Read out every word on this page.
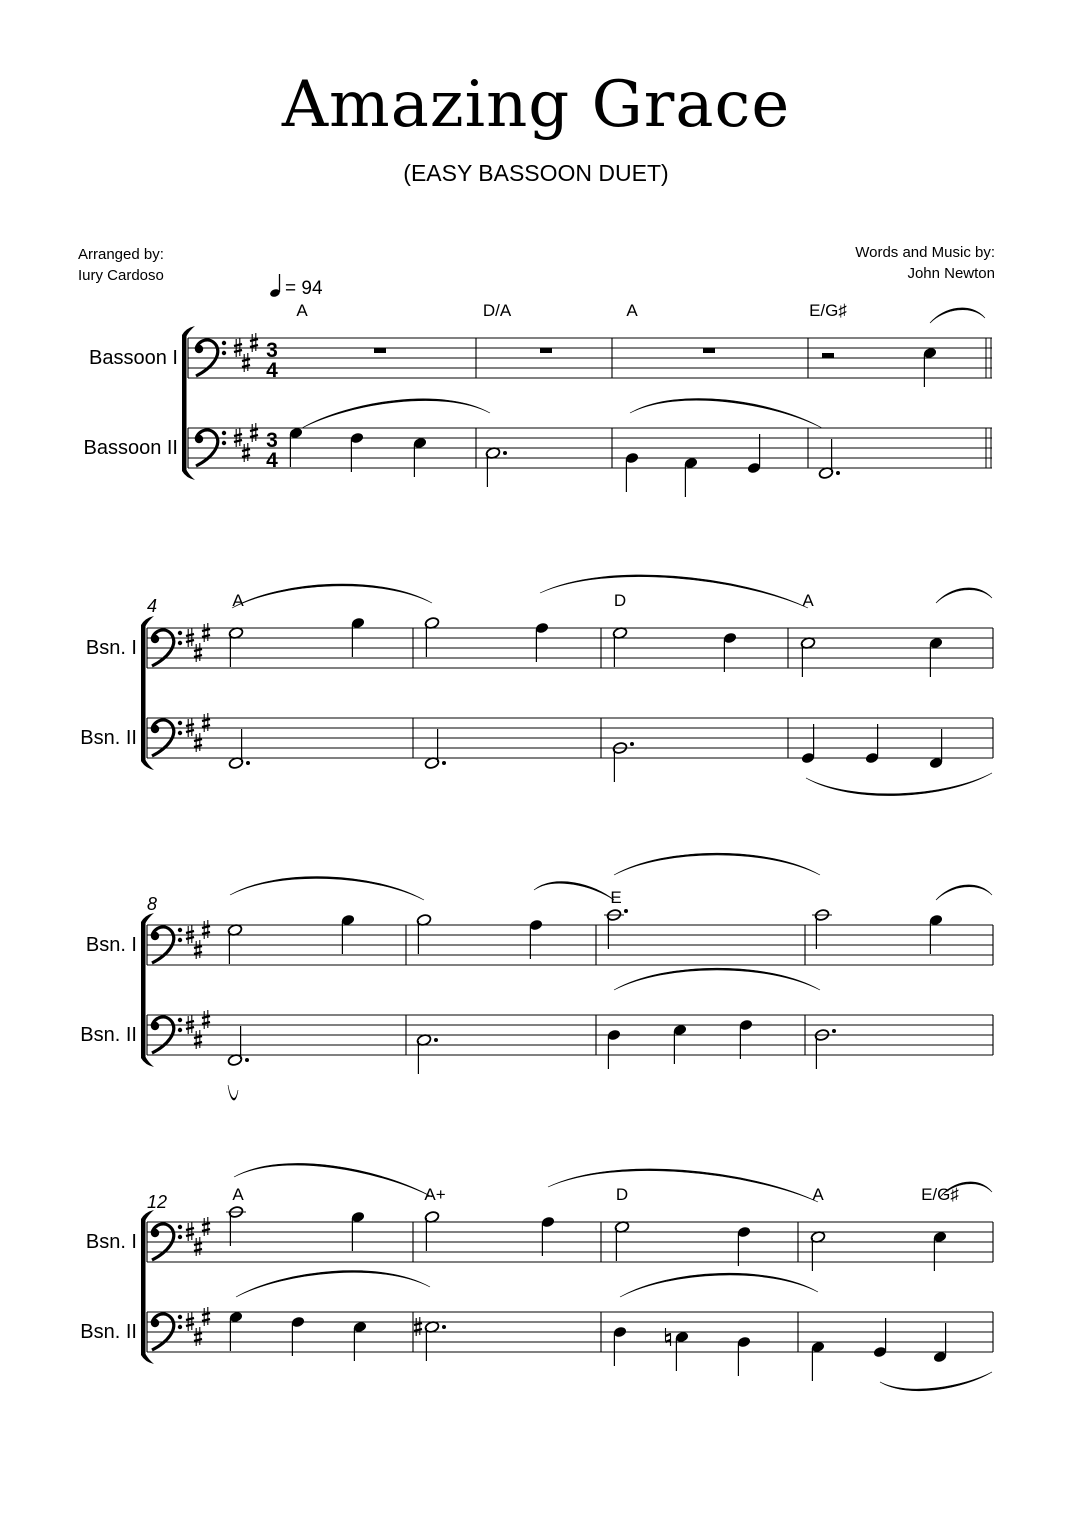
Amazing Grace
(EASY BASSOON DUET)
Arranged by:
Iury Cardoso
Words and Music by:
John Newton
= 94
3
4
Bassoon I
3
4
Bassoon II
A	D/A	A	E/G♯
Bsn. I
Bsn. II
A	D	A
4
Bsn. I
Bsn. II
E
8
Bsn. I
Bsn. II
A	A+	D	A	E/G♯
12
